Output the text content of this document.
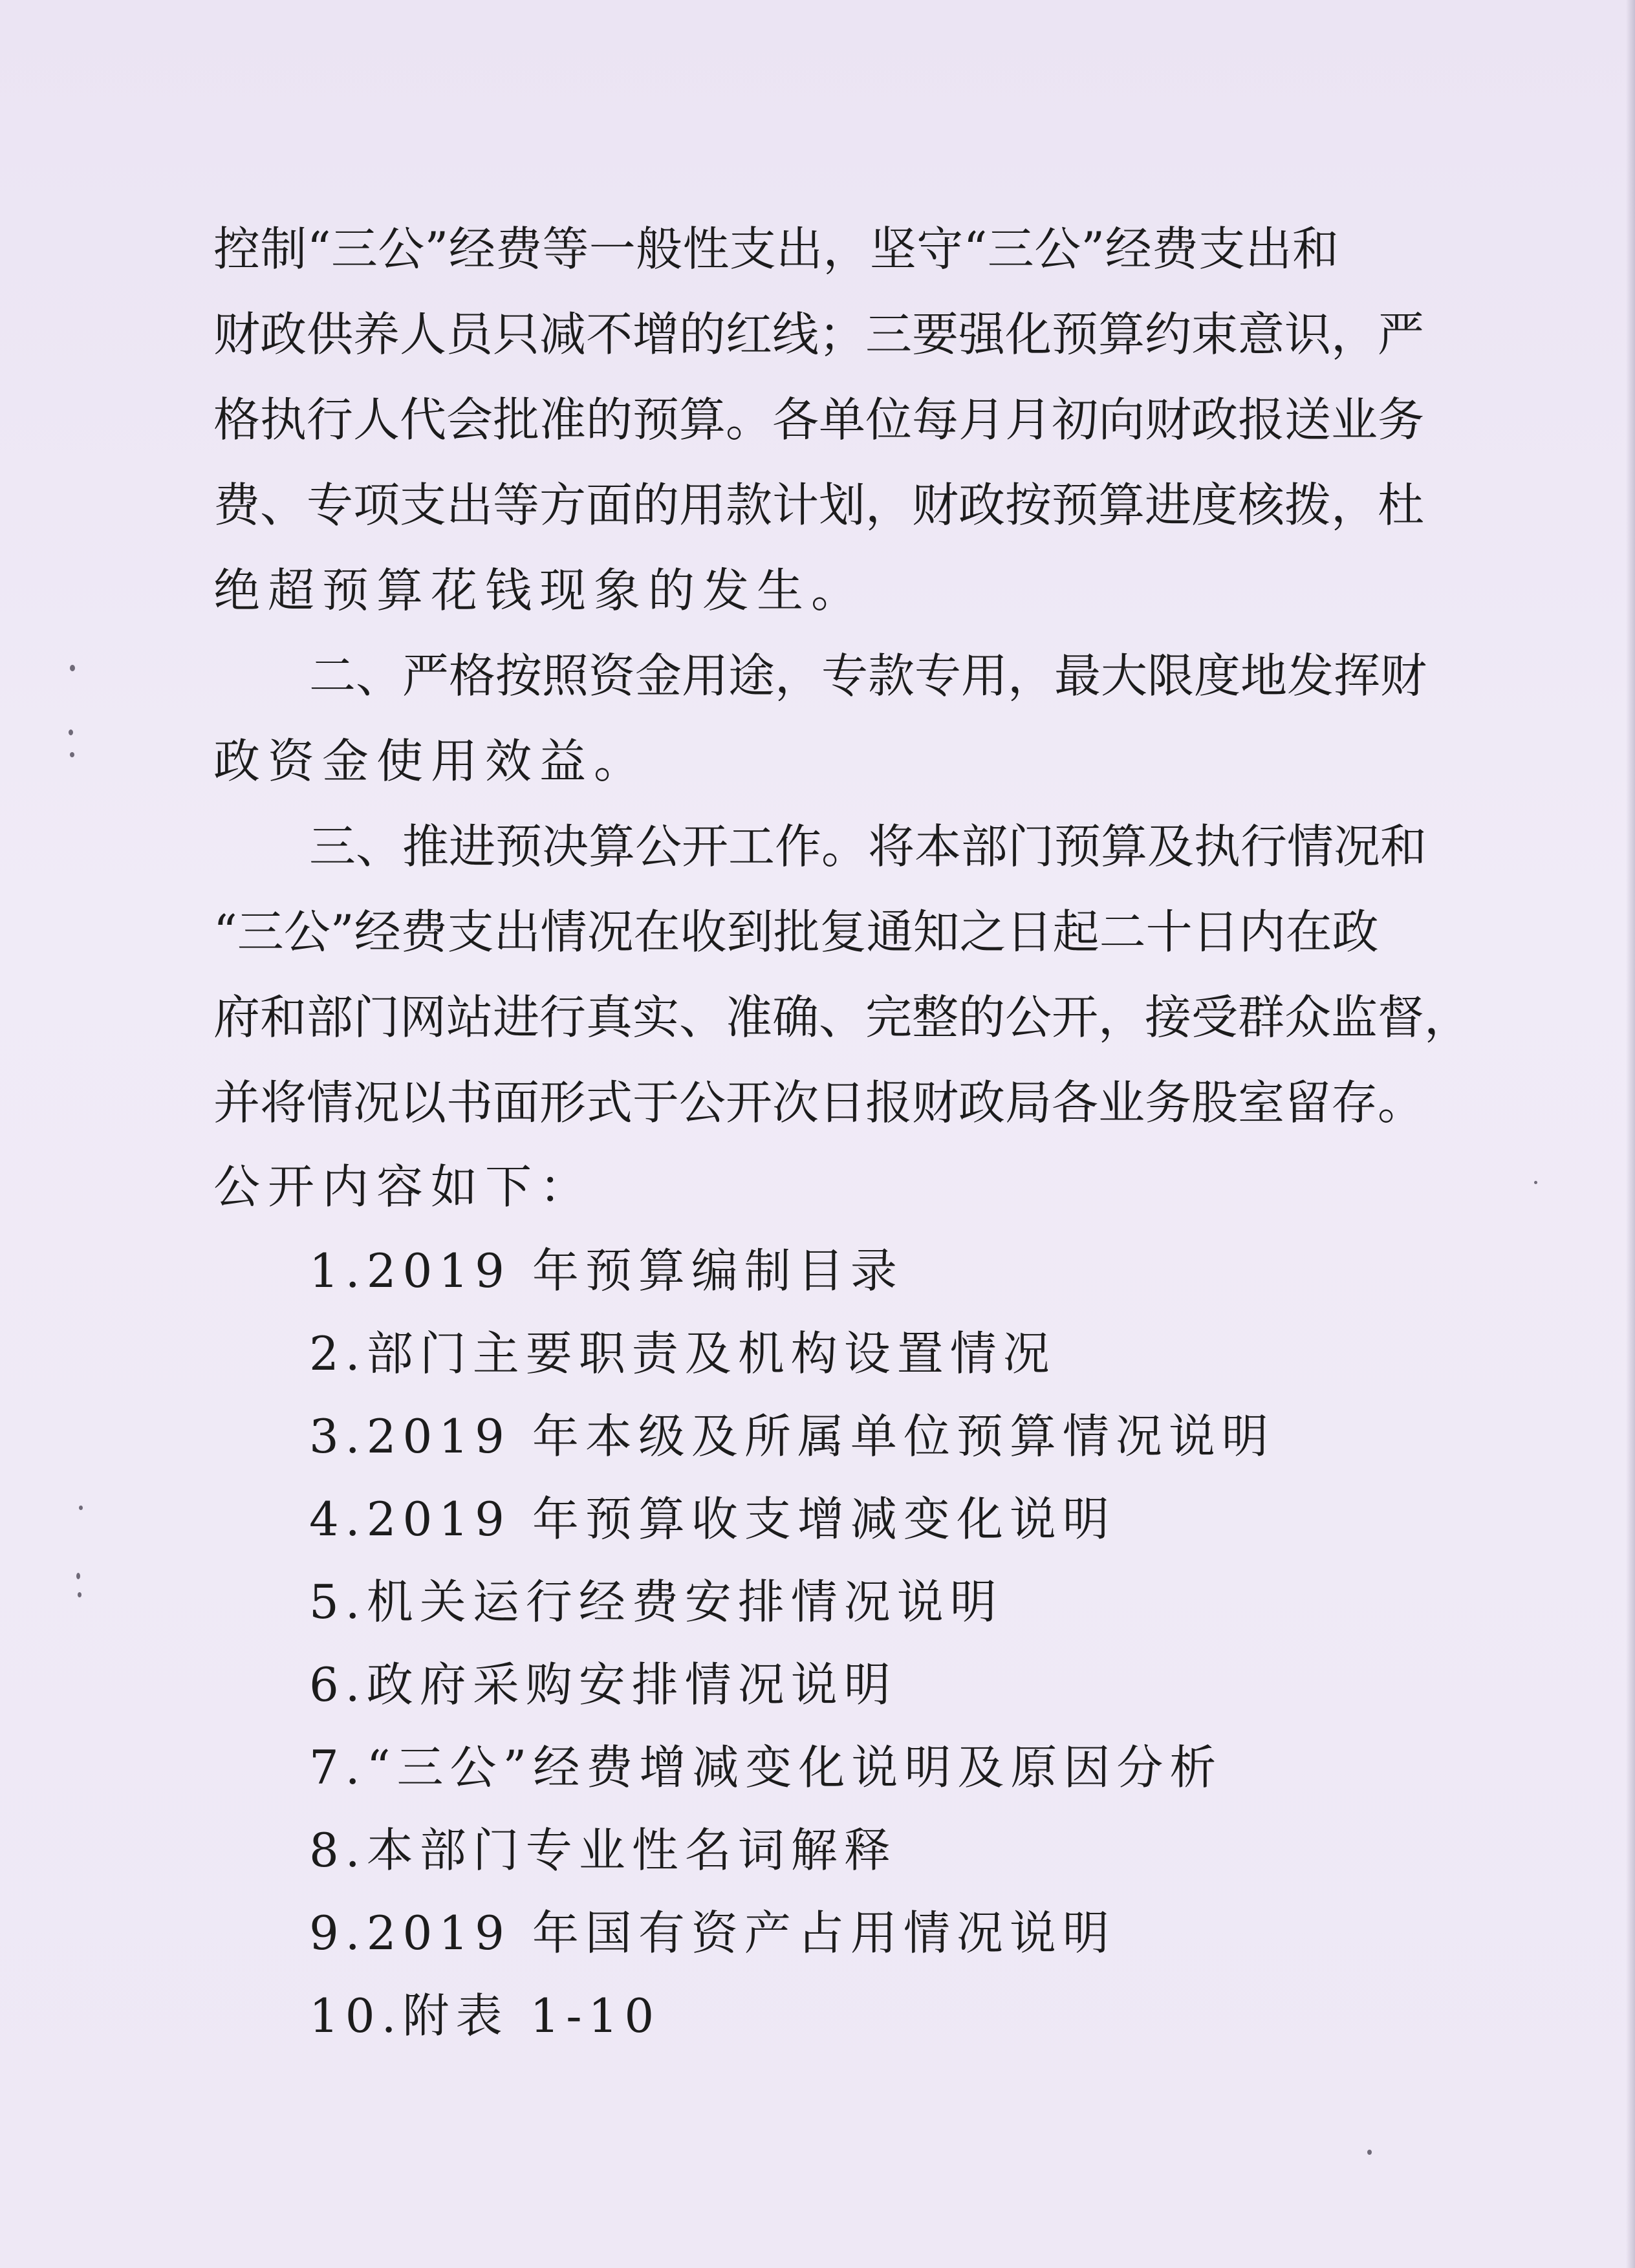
控制“三公”经费等一般性支出，坚守“三公”经费支出和
财政供养人员只减不增的红线；三要强化预算约束意识，严
格执行人代会批准的预算。各单位每月月初向财政报送业务
费、专项支出等方面的用款计划，财政按预算进度核拨，杜
绝超预算花钱现象的发生。
二、严格按照资金用途，专款专用，最大限度地发挥财
政资金使用效益。
三、推进预决算公开工作。将本部门预算及执行情况和
“三公”经费支出情况在收到批复通知之日起二十日内在政
府和部门网站进行真实、准确、完整的公开，接受群众监督，
并将情况以书面形式于公开次日报财政局各业务股室留存。
公开内容如下：
1.2019 年预算编制目录
2.部门主要职责及机构设置情况
3.2019 年本级及所属单位预算情况说明
4.2019 年预算收支增减变化说明
5.机关运行经费安排情况说明
6.政府采购安排情况说明
7.“三公”经费增减变化说明及原因分析
8.本部门专业性名词解释
9.2019 年国有资产占用情况说明
10.附表 1-10
